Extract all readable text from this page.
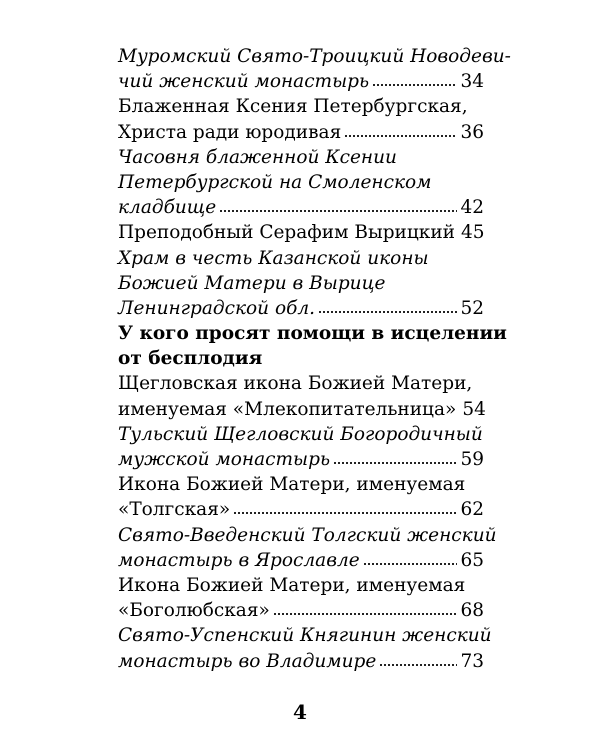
Муромский Свято-Троицкий Новодеви-
чий женский монастырь	34
Блаженная Ксения Петербургская,
Христа ради юродивая	36
Часовня блаженной Ксении
Петербургской на Смоленском
кладбище	42
Преподобный Серафим Вырицкий 45
Храм в честь Казанской иконы
Божией Матери в Вырице
Ленинградской обл.	52
У кого просят помощи в исцелении
от бесплодия
Щегловская икона Божией Матери,
именуемая «Млекопитательница» 54
Тульский Щегловский Богородичный
мужской монастырь	59
Икона Божией Матери, именуемая
«Толгская»	62
Свято-Введенский Толгский женский
монастырь в Ярославле	65
Икона Божией Матери, именуемая
«Боголюбская»	68
Свято-Успенский Княгинин женский
монастырь во Владимире	73
4
